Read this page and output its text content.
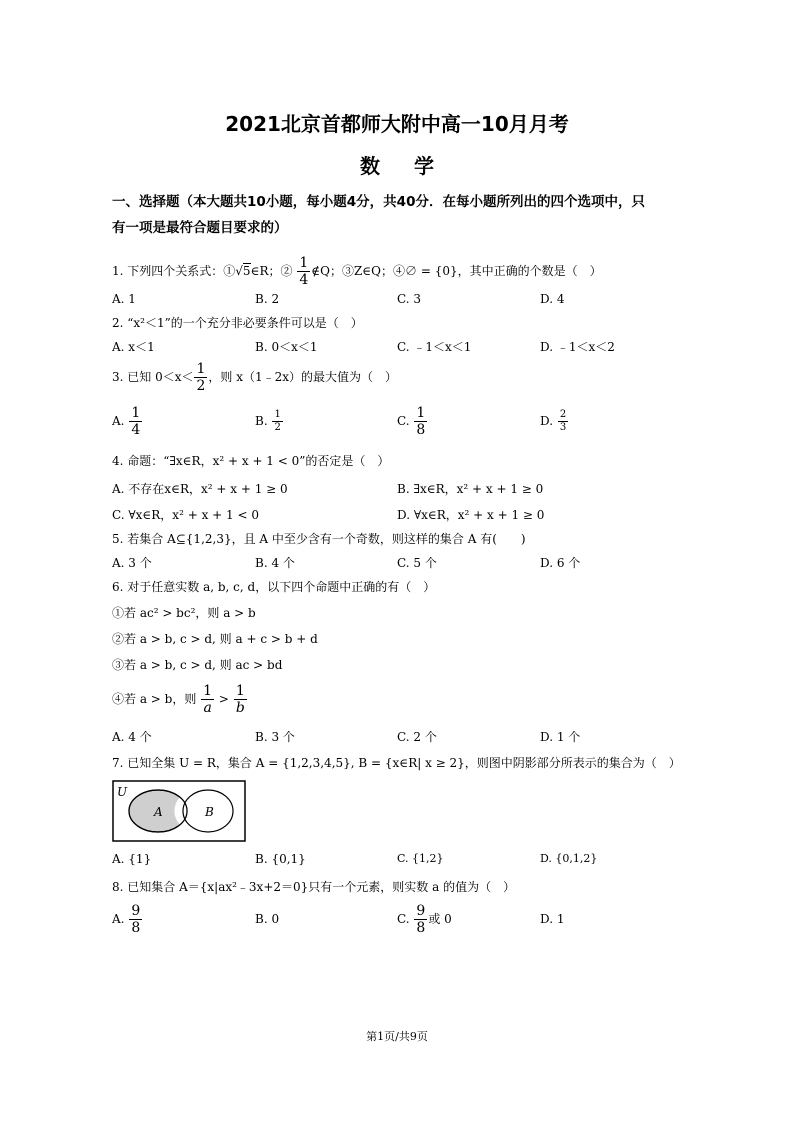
2021北京首都师大附中高一10月月考
数学
一、选择题（本大题共10小题，每小题4分，共40分．在每小题所列出的四个选项中，只
有一项是最符合题目要求的）
1. 下列四个关系式：①√5∈R；② $\frac{1}{4}$ ∉Q；③Z∈Q；④∅ = {0}，其中正确的个数是（　）
A. 1	B. 2	C. 3	D. 4
2. “x²＜1”的一个充分非必要条件可以是（　）
A. x＜1	B. 0＜x＜1	C. ﹣1＜x＜1	D. ﹣1＜x＜2
3. 已知 $0<x< \frac{1}{2}$ ，则 x（1﹣2x）的最大值为（　）
A. $\frac{1}{4}$	B. $\frac{1}{2}$	C. $\frac{1}{8}$	D. $\frac{2}{3}$
4. 命题：“∃x∈R，x² + x + 1 < 0”的否定是（　）
A. 不存在x∈R，x² + x + 1 ≥ 0	B. ∃x∈R，x² + x + 1 ≥ 0
C. ∀x∈R，x² + x + 1 < 0	D. ∀x∈R，x² + x + 1 ≥ 0
5. 若集合 A⊆{1,2,3}，且 A 中至少含有一个奇数，则这样的集合 A 有(　　)
A. 3 个	B. 4 个	C. 5 个	D. 6 个
6. 对于任意实数 a, b, c, d，以下四个命题中正确的有（　）
①若 ac² > bc²，则 a > b
②若 a > b, c > d, 则 a + c > b + d
③若 a > b, c > d, 则 ac > bd
④若 a > b，则 $\frac{1}{a} > \frac{1}{b}$
A. 4 个	B. 3 个	C. 2 个	D. 1 个
7. 已知全集 U = R，集合 A = {1,2,3,4,5}, B = {x∈R| x ≥ 2}，则图中阴影部分所表示的集合为（　）
U
A	B
A. {1}	B. {0,1}	C. {1,2}	D. {0,1,2}
8. 已知集合 A＝{x|ax²﹣3x+2＝0}只有一个元素，则实数 a 的值为（　）
A. $\frac{9}{8}$	B. 0	C. $\frac{9}{8}$ 或 0	D. 1
第1页/共9页
